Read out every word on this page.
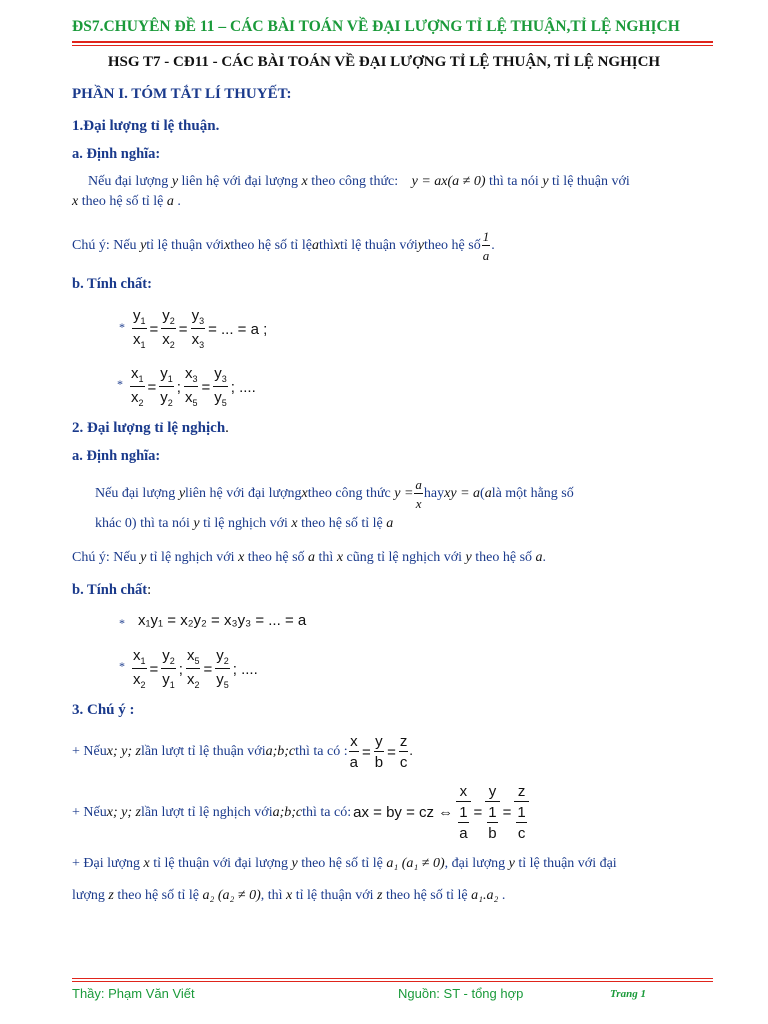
ĐS7.CHUYÊN ĐỀ 11 – CÁC BÀI TOÁN VỀ ĐẠI LƯỢNG TỈ LỆ THUẬN,TỈ LỆ NGHỊCH
HSG T7 - CĐ11 - CÁC BÀI TOÁN VỀ ĐẠI LƯỢNG TỈ LỆ THUẬN, TỈ LỆ NGHỊCH
PHẦN I. TÓM TẮT LÍ THUYẾT:
1.Đại lượng tỉ lệ thuận.
a. Định nghĩa:
Nếu đại lượng y liên hệ với đại lượng x theo công thức: y = ax(a ≠ 0) thì ta nói y tỉ lệ thuận với
x theo hệ số tỉ lệ a .
Chú ý: Nếu
y tỉ lệ thuận với x theo hệ số tỉ lệ a thì x tỉ lệ thuận với y theo hệ số $\frac{1}{a}$ .
b. Tính chất:
* $\frac{y_1}{x_1} = \frac{y_2}{x_2} = \frac{y_3}{x_3}$ = ... = a ;
* $\frac{x_1}{x_2} = \frac{y_1}{y_2}$ ; $\frac{x_3}{x_5} = \frac{y_3}{y_5}$ ; ....
2. Đại lượng tỉ lệ nghịch.
a. Định nghĩa:
Nếu đại lượng
y liên hệ với đại lượng x theo công thức $y = \frac{a}{x}$ hay xy = a ( a là một hằng số
khác 0) thì ta nói y tỉ lệ nghịch với x theo hệ số tỉ lệ a
Chú ý: Nếu y tỉ lệ nghịch với x theo hệ số a thì x cũng tỉ lệ nghịch với y theo hệ số a.
b. Tính chất:
* x₁y₁ = x₂y₂ = x₃y₃ = ... = a
* $\frac{x_1}{x_2} = \frac{y_2}{y_1}$ ; $\frac{x_5}{x_2} = \frac{y_2}{y_5}$ ; ....
3. Chú ý :
+ Nếu x; y; z lần lượt tỉ lệ thuận với a;b;c thì ta có : $\frac{x}{a} = \frac{y}{b} = \frac{z}{c}$ .
+ Nếu x; y; z lần lượt tỉ lệ nghịch với a;b;c thì ta có: ax = by = cz ⇔ $\frac{x}{\frac{1}{a}} = \frac{y}{\frac{1}{b}} = \frac{z}{\frac{1}{c}}$
+ Đại lượng x tỉ lệ thuận với đại lượng y theo hệ số tỉ lệ a₁ (a₁ ≠ 0), đại lượng y tỉ lệ thuận với đại
lượng z theo hệ số tỉ lệ a₂ (a₂ ≠ 0), thì x tỉ lệ thuận với z theo hệ số tỉ lệ a₁.a₂ .
Thầy: Phạm Văn Viết	Nguồn: ST - tổng hợp	Trang 1
